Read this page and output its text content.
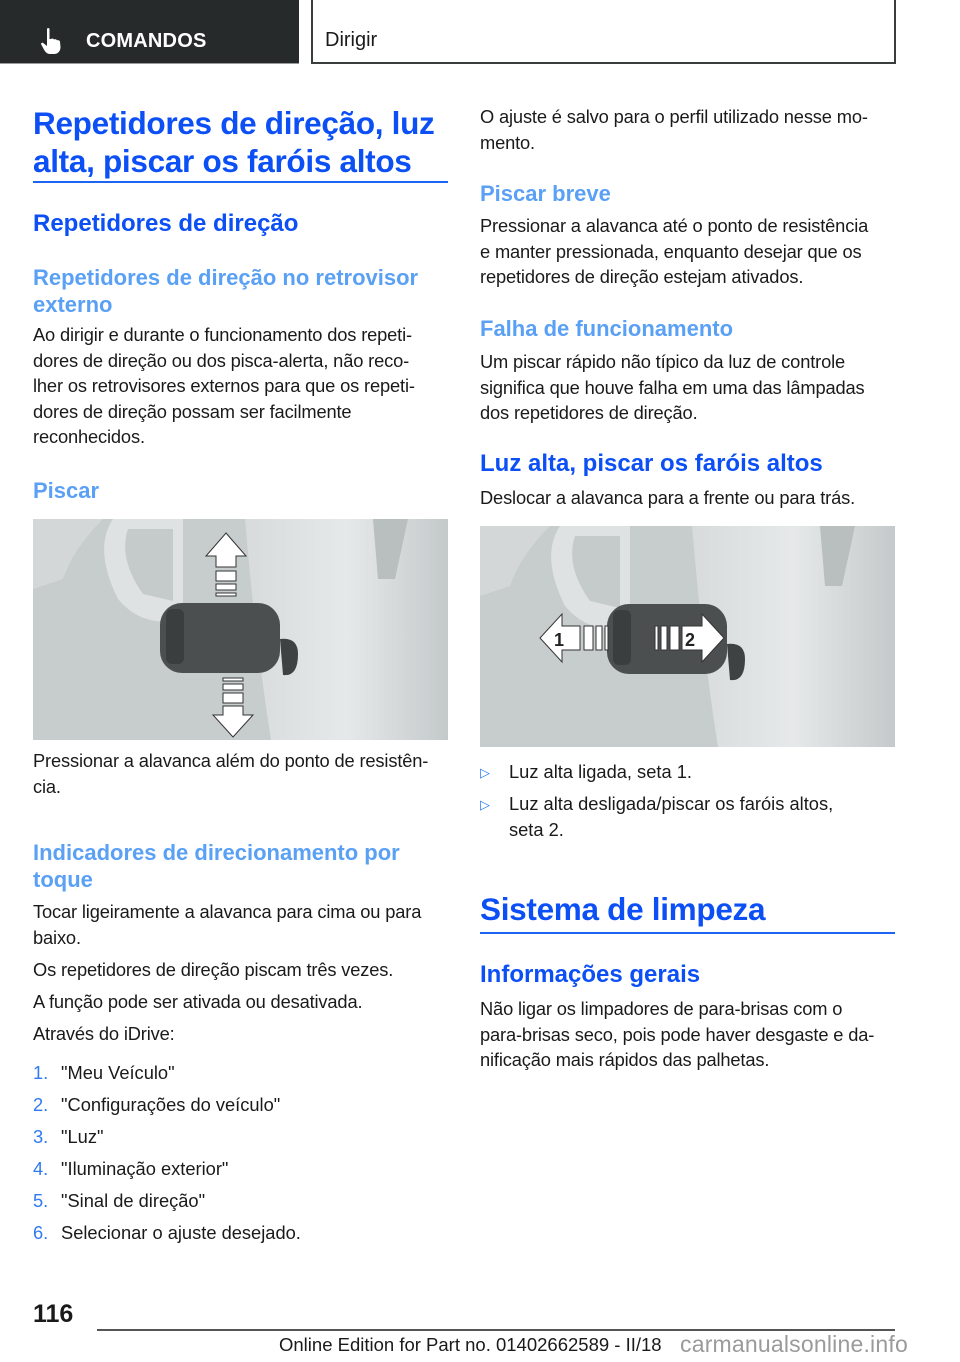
COMANDOS	Dirigir
Repetidores de direção, luz
alta, piscar os faróis altos
Repetidores de direção
Repetidores de direção no retrovisor
externo
Ao dirigir e durante o funcionamento dos repeti-
dores de direção ou dos pisca-alerta, não reco-
lher os retrovisores externos para que os repeti-
dores de direção possam ser facilmente
reconhecidos.
Piscar
Pressionar a alavanca além do ponto de resistên-
cia.
Indicadores de direcionamento por
toque
Tocar ligeiramente a alavanca para cima ou para
baixo.
Os repetidores de direção piscam três vezes.
A função pode ser ativada ou desativada.
Através do iDrive:
1. "Meu Veículo"
2. "Configurações do veículo"
3. "Luz"
4. "Iluminação exterior"
5. "Sinal de direção"
6. Selecionar o ajuste desejado.
O ajuste é salvo para o perfil utilizado nesse mo-
mento.
Piscar breve
Pressionar a alavanca até o ponto de resistência
e manter pressionada, enquanto desejar que os
repetidores de direção estejam ativados.
Falha de funcionamento
Um piscar rápido não típico da luz de controle
significa que houve falha em uma das lâmpadas
dos repetidores de direção.
Luz alta, piscar os faróis altos
Deslocar a alavanca para a frente ou para trás.
1	2
▷ Luz alta ligada, seta 1.
▷ Luz alta desligada/piscar os faróis altos,
seta 2.
Sistema de limpeza
Informações gerais
Não ligar os limpadores de para-brisas com o
para-brisas seco, pois pode haver desgaste e da-
nificação mais rápidos das palhetas.
116
Online Edition for Part no. 01402662589 - II/18 carmanualsonline.info
